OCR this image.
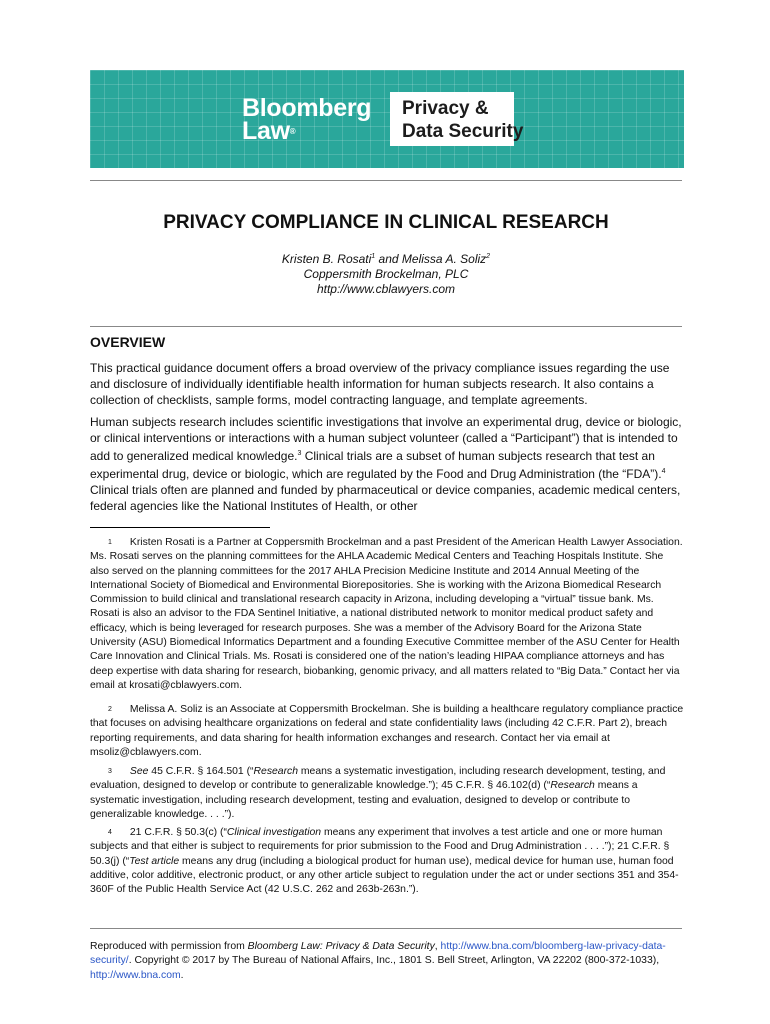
Bloomberg
Law®
Privacy &
Data Security
PRIVACY COMPLIANCE IN CLINICAL RESEARCH
Kristen B. Rosati$^1$ and Melissa A. Soliz$^2$
Coppersmith Brockelman, PLC
http://www.cblawyers.com
OVERVIEW

This practical guidance document offers a broad overview of the privacy compliance issues regarding the use and disclosure of individually identifiable health information for human subjects research. It also contains a collection of checklists, sample forms, model contracting language, and template agreements.

Human subjects research includes scientific investigations that involve an experimental drug, device or biologic, or clinical interventions or interactions with a human subject volunteer (called a “Participant”) that is intended to add to generalized medical knowledge.$^3$ Clinical trials are a subset of human subjects research that test an experimental drug, device or biologic, which are regulated by the Food and Drug Administration (the “FDA”).$^4$ Clinical trials often are planned and funded by pharmaceutical or device companies, academic medical centers, federal agencies like the National Institutes of Health, or other

$^1$ Kristen Rosati is a Partner at Coppersmith Brockelman and a past President of the American Health Lawyer Association. Ms. Rosati serves on the planning committees for the AHLA Academic Medical Centers and Teaching Hospitals Institute. She also served on the planning committees for the 2017 AHLA Precision Medicine Institute and 2014 Annual Meeting of the International Society of Biomedical and Environmental Biorepositories. She is working with the Arizona Biomedical Research Commission to build clinical and translational research capacity in Arizona, including developing a “virtual” tissue bank. Ms. Rosati is also an advisor to the FDA Sentinel Initiative, a national distributed network to monitor medical product safety and efficacy, which is being leveraged for research purposes. She was a member of the Advisory Board for the Arizona State University (ASU) Biomedical Informatics Department and a founding Executive Committee member of the ASU Center for Health Care Innovation and Clinical Trials. Ms. Rosati is considered one of the nation’s leading HIPAA compliance attorneys and has deep expertise with data sharing for research, biobanking, genomic privacy, and all matters related to “Big Data.” Contact her via email at krosati@cblawyers.com.

$^2$ Melissa A. Soliz is an Associate at Coppersmith Brockelman. She is building a healthcare regulatory compliance practice that focuses on advising healthcare organizations on federal and state confidentiality laws (including 42 C.F.R. Part 2), breach reporting requirements, and data sharing for health information exchanges and research. Contact her via email at msoliz@cblawyers.com.

$^3$ See 45 C.F.R. § 164.501 (“Research means a systematic investigation, including research development, testing, and evaluation, designed to develop or contribute to generalizable knowledge.”); 45 C.F.R. § 46.102(d) (“Research means a systematic investigation, including research development, testing and evaluation, designed to develop or contribute to generalizable knowledge. . . .”).

$^4$ 21 C.F.R. § 50.3(c) (“Clinical investigation means any experiment that involves a test article and one or more human subjects and that either is subject to requirements for prior submission to the Food and Drug Administration . . . .”); 21 C.F.R. § 50.3(j) (“Test article means any drug (including a biological product for human use), medical device for human use, human food additive, color additive, electronic product, or any other article subject to regulation under the act or under sections 351 and 354-360F of the Public Health Service Act (42 U.S.C. 262 and 263b-263n.”).

Reproduced with permission from Bloomberg Law: Privacy & Data Security, http://www.bna.com/bloomberg-law-privacy-data-security/. Copyright © 2017 by The Bureau of National Affairs, Inc., 1801 S. Bell Street, Arlington, VA 22202 (800-372-1033), http://www.bna.com.
